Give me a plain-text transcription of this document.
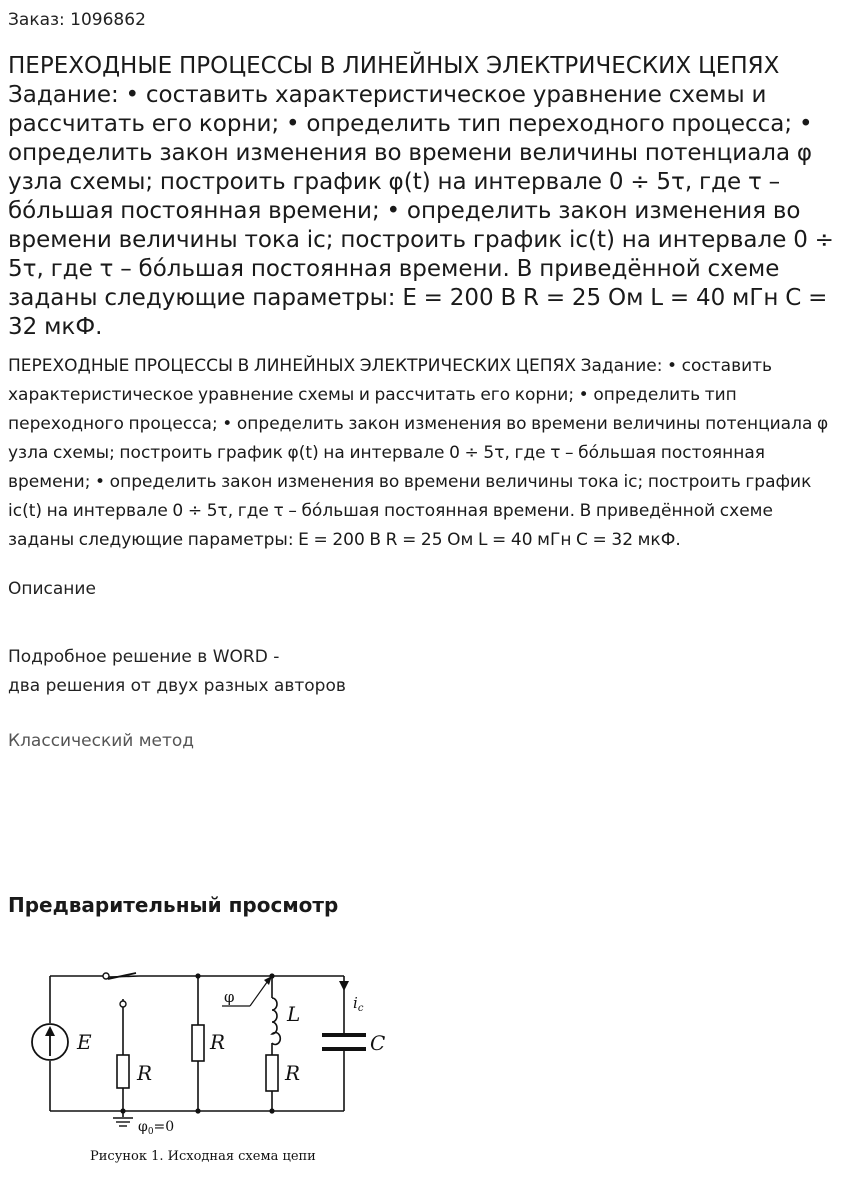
Заказ: 1096862
ПЕРЕХОДНЫЕ ПРОЦЕССЫ В ЛИНЕЙНЫХ ЭЛЕКТРИЧЕСКИХ ЦЕПЯХ Задание: • составить характеристическое уравнение схемы и рассчитать его корни; • определить тип переходного процесса; • определить закон изменения во времени величины потенциала φ узла схемы; построить график φ(t) на интервале 0 ÷ 5τ, где τ – бóльшая постоянная времени; • определить закон изменения во времени величины тока iс; построить график iс(t) на интервале 0 ÷ 5τ, где τ – бóльшая постоянная времени. В приведённой схеме заданы следующие параметры: E = 200 В R = 25 Ом L = 40 мГн C = 32 мкФ.
ПЕРЕХОДНЫЕ ПРОЦЕССЫ В ЛИНЕЙНЫХ ЭЛЕКТРИЧЕСКИХ ЦЕПЯХ Задание: • составить характеристическое уравнение схемы и рассчитать его корни; • определить тип переходного процесса; • определить закон изменения во времени величины потенциала φ узла схемы; построить график φ(t) на интервале 0 ÷ 5τ, где τ – бóльшая постоянная времени; • определить закон изменения во времени величины тока iс; построить график iс(t) на интервале 0 ÷ 5τ, где τ – бóльшая постоянная времени. В приведённой схеме заданы следующие параметры: E = 200 В R = 25 Ом L = 40 мГн C = 32 мкФ.
Описание
Подробное решение в WORD -
два решения от двух разных авторов
Классический метод
Предварительный просмотр
E
R
R
R
L
C
φ	$i_c$
$\varphi_0=0$
Рисунок 1. Исходная схема цепи
